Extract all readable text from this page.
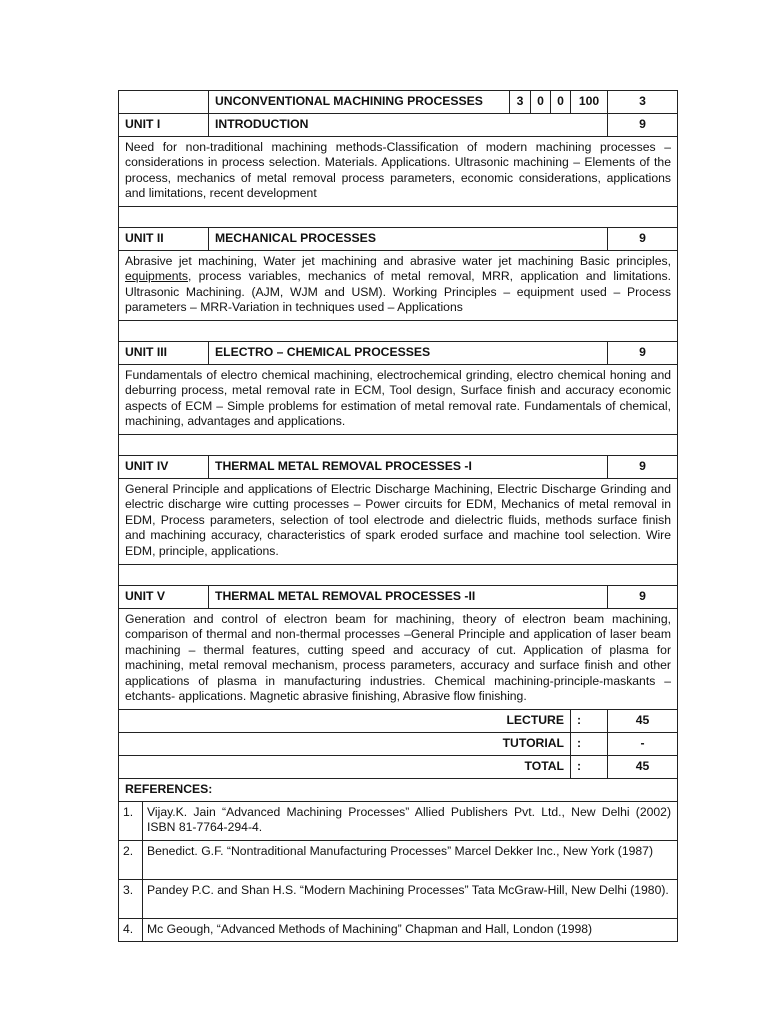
	UNCONVENTIONAL MACHINING PROCESSES	3	0	0	100	3
UNIT I	INTRODUCTION					9
Need for non-traditional machining methods-Classification of modern machining processes – considerations in process selection. Materials. Applications. Ultrasonic machining – Elements of the process, mechanics of metal removal process parameters, economic considerations, applications and limitations, recent development						

UNIT II	MECHANICAL PROCESSES					9
Abrasive jet machining, Water jet machining and abrasive water jet machining Basic principles, equipments, process variables, mechanics of metal removal, MRR, application and limitations. Ultrasonic Machining. (AJM, WJM and USM). Working Principles – equipment used – Process parameters – MRR-Variation in techniques used – Applications						

UNIT III	ELECTRO – CHEMICAL PROCESSES					9
Fundamentals of electro chemical machining, electrochemical grinding, electro chemical honing and deburring process, metal removal rate in ECM, Tool design, Surface finish and accuracy economic aspects of ECM – Simple problems for estimation of metal removal rate. Fundamentals of chemical, machining, advantages and applications.						

UNIT IV	THERMAL METAL REMOVAL PROCESSES -I					9
General Principle and applications of Electric Discharge Machining, Electric Discharge Grinding and electric discharge wire cutting processes – Power circuits for EDM, Mechanics of metal removal in EDM, Process parameters, selection of tool electrode and dielectric fluids, methods surface finish and machining accuracy, characteristics of spark eroded surface and machine tool selection. Wire EDM, principle, applications.						

UNIT V	THERMAL METAL REMOVAL PROCESSES -II					9
Generation and control of electron beam for machining, theory of electron beam machining, comparison of thermal and non-thermal processes –General Principle and application of laser beam machining – thermal features, cutting speed and accuracy of cut. Application of plasma for machining, metal removal mechanism, process parameters, accuracy and surface finish and other applications of plasma in manufacturing industries. Chemical machining-principle-maskants –etchants- applications. Magnetic abrasive finishing, Abrasive flow finishing.						
LECTURE					:	45
TUTORIAL					:	-
TOTAL					:	45
REFERENCES:	
1.	Vijay.K. Jain “Advanced Machining Processes” Allied Publishers Pvt. Ltd., New Delhi (2002) ISBN 81-7764-294-4.
2.	Benedict. G.F. “Nontraditional Manufacturing Processes” Marcel Dekker Inc., New York (1987)
3.	Pandey P.C. and Shan H.S. “Modern Machining Processes” Tata McGraw-Hill, New Delhi (1980).
4.	Mc Geough, “Advanced Methods of Machining” Chapman and Hall, London (1998)
